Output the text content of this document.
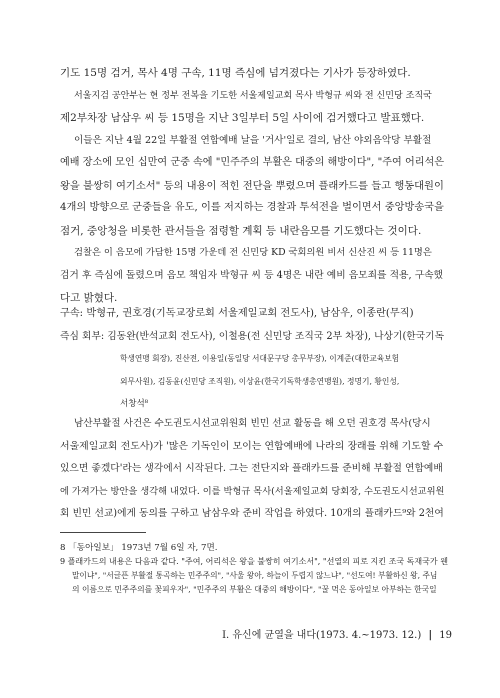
기도 15명 검거, 목사 4명 구속, 11명 즉심에 넘겨졌다는 기사가 등장하였다.
서울지검 공안부는 현 정부 전복을 기도한 서울제일교회 목사 박형규 씨와 전 신민당 조직국
제2부차장 남삼우 씨 등 15명을 지난 3일부터 5일 사이에 검거했다고 발표했다.
이들은 지난 4월 22일 부활절 연합예배 날을 '거사'일로 결의, 남산 야외음악당 부활절
예배 장소에 모인 십만여 군중 속에 "민주주의 부활은 대중의 해방이다", "주여 어리석은
왕을 불쌍히 여기소서" 등의 내용이 적힌 전단을 뿌렸으며 플래카드를 들고 행동대원이
4개의 방향으로 군중들을 유도, 이를 저지하는 경찰과 투석전을 벌이면서 중앙방송국을
점거, 중앙청을 비롯한 관서들을 점령할 계획 등 내란음모를 기도했다는 것이다.
검찰은 이 음모에 가담한 15명 가운데 전 신민당 KD 국회의원 비서 신산진 씨 등 11명은
검거 후 즉심에 돌렸으며 음모 책임자 박형규 씨 등 4명은 내란 예비 음모죄를 적용, 구속했
다고 밝혔다.
구속: 박형규, 권호경(기독교장로회 서울제일교회 전도사), 남삼우, 이종란(무직)
즉심 회부: 김동완(반석교회 전도사), 이철용(전 신민당 조직국 2부 차장), 나상기(한국기독
학생연맹 회장), 진산전, 이용일(동일당 서대문구당 총무부장), 이계준(대한교육보험
외무사원), 김동윤(신민당 조직원), 이상윤(한국기독학생총연맹원), 정명기, 황인성,
서창석⁸
남산부활절 사건은 수도권도시선교위원회 빈민 선교 활동을 해 오던 권호경 목사(당시
서울제일교회 전도사)가 '많은 기독인이 모이는 연합예배에 나라의 장래를 위해 기도할 수
있으면 좋겠다'라는 생각에서 시작된다. 그는 전단지와 플래카드를 준비해 부활절 연합예배
에 가져가는 방안을 생각해 내었다. 이를 박형규 목사(서울제일교회 당회장, 수도권도시선교위원
회 빈민 선교)에게 동의를 구하고 남삼우와 준비 작업을 하였다. 10개의 플래카드⁹와 2천여
8 「동아일보」 1973년 7월 6일 자, 7면.
9 플래카드의 내용은 다음과 같다. "주여, 어리석은 왕을 불쌍히 여기소서", "선열의 피로 지킨 조국 독재국가 웬
말이냐", "서글픈 부활절 통곡하는 민주주의", "사울 왕아, 하늘이 두렵지 않느냐", "선도여! 부활하신 왕, 주님
의 이름으로 민주주의를 꽃피우자", "민주주의 부활은 대중의 해방이다", "꿀 먹은 동아일보 아부하는 한국일
I. 유신에 균열을 내다(1973. 4.~1973. 12.) | 19
